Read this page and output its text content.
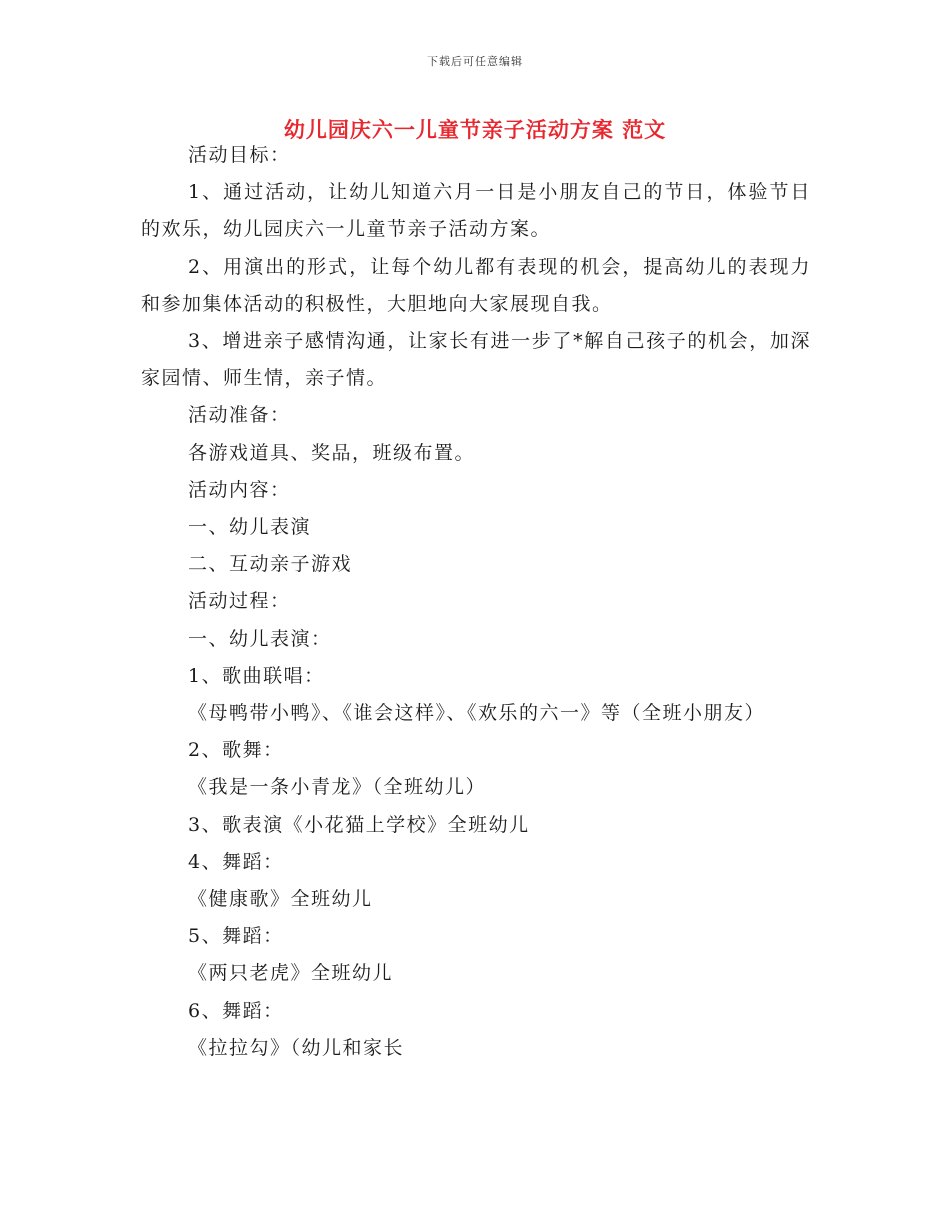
下载后可任意编辑
幼儿园庆六一儿童节亲子活动方案 范文

活动目标：

1、通过活动，让幼儿知道六月一日是小朋友自己的节日，体验节日的欢乐，幼儿园庆六一儿童节亲子活动方案。

2、用演出的形式，让每个幼儿都有表现的机会，提高幼儿的表现力和参加集体活动的积极性，大胆地向大家展现自我。

3、增进亲子感情沟通，让家长有进一步了*解自己孩子的机会，加深家园情、师生情，亲子情。

活动准备：

各游戏道具、奖品，班级布置。

活动内容：

一、幼儿表演

二、互动亲子游戏

活动过程：

一、幼儿表演：

1、歌曲联唱：

《母鸭带小鸭》、《谁会这样》、《欢乐的六一》等（全班小朋友）

2、歌舞：

《我是一条小青龙》（全班幼儿）

3、歌表演《小花猫上学校》全班幼儿

4、舞蹈：

《健康歌》全班幼儿

5、舞蹈：

《两只老虎》全班幼儿

6、舞蹈：

《拉拉勾》（幼儿和家长
